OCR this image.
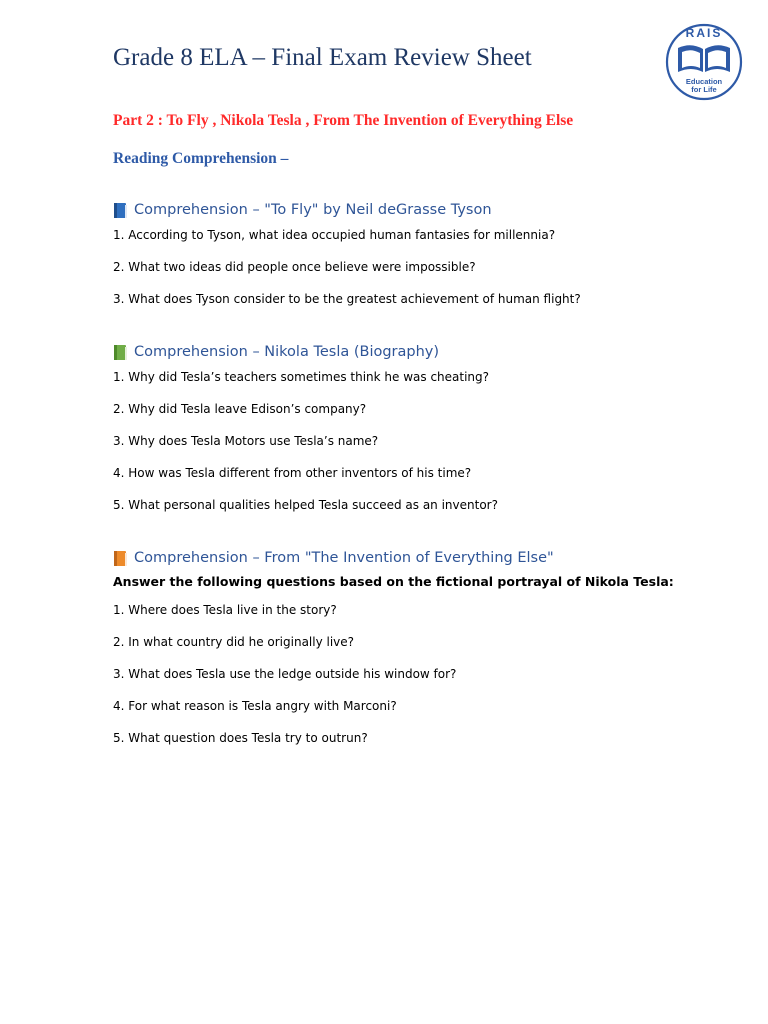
Grade 8 ELA – Final Exam Review Sheet
RAIS
Education
for Life
Part 2 : To Fly , Nikola Tesla , From The Invention of Everything Else
Reading Comprehension –
Comprehension – "To Fly" by Neil deGrasse Tyson
1. According to Tyson, what idea occupied human fantasies for millennia?
2. What two ideas did people once believe were impossible?
3. What does Tyson consider to be the greatest achievement of human flight?
Comprehension – Nikola Tesla (Biography)
1. Why did Tesla’s teachers sometimes think he was cheating?
2. Why did Tesla leave Edison’s company?
3. Why does Tesla Motors use Tesla’s name?
4. How was Tesla different from other inventors of his time?
5. What personal qualities helped Tesla succeed as an inventor?
Comprehension – From "The Invention of Everything Else"
Answer the following questions based on the fictional portrayal of Nikola Tesla:
1. Where does Tesla live in the story?
2. In what country did he originally live?
3. What does Tesla use the ledge outside his window for?
4. For what reason is Tesla angry with Marconi?
5. What question does Tesla try to outrun?
